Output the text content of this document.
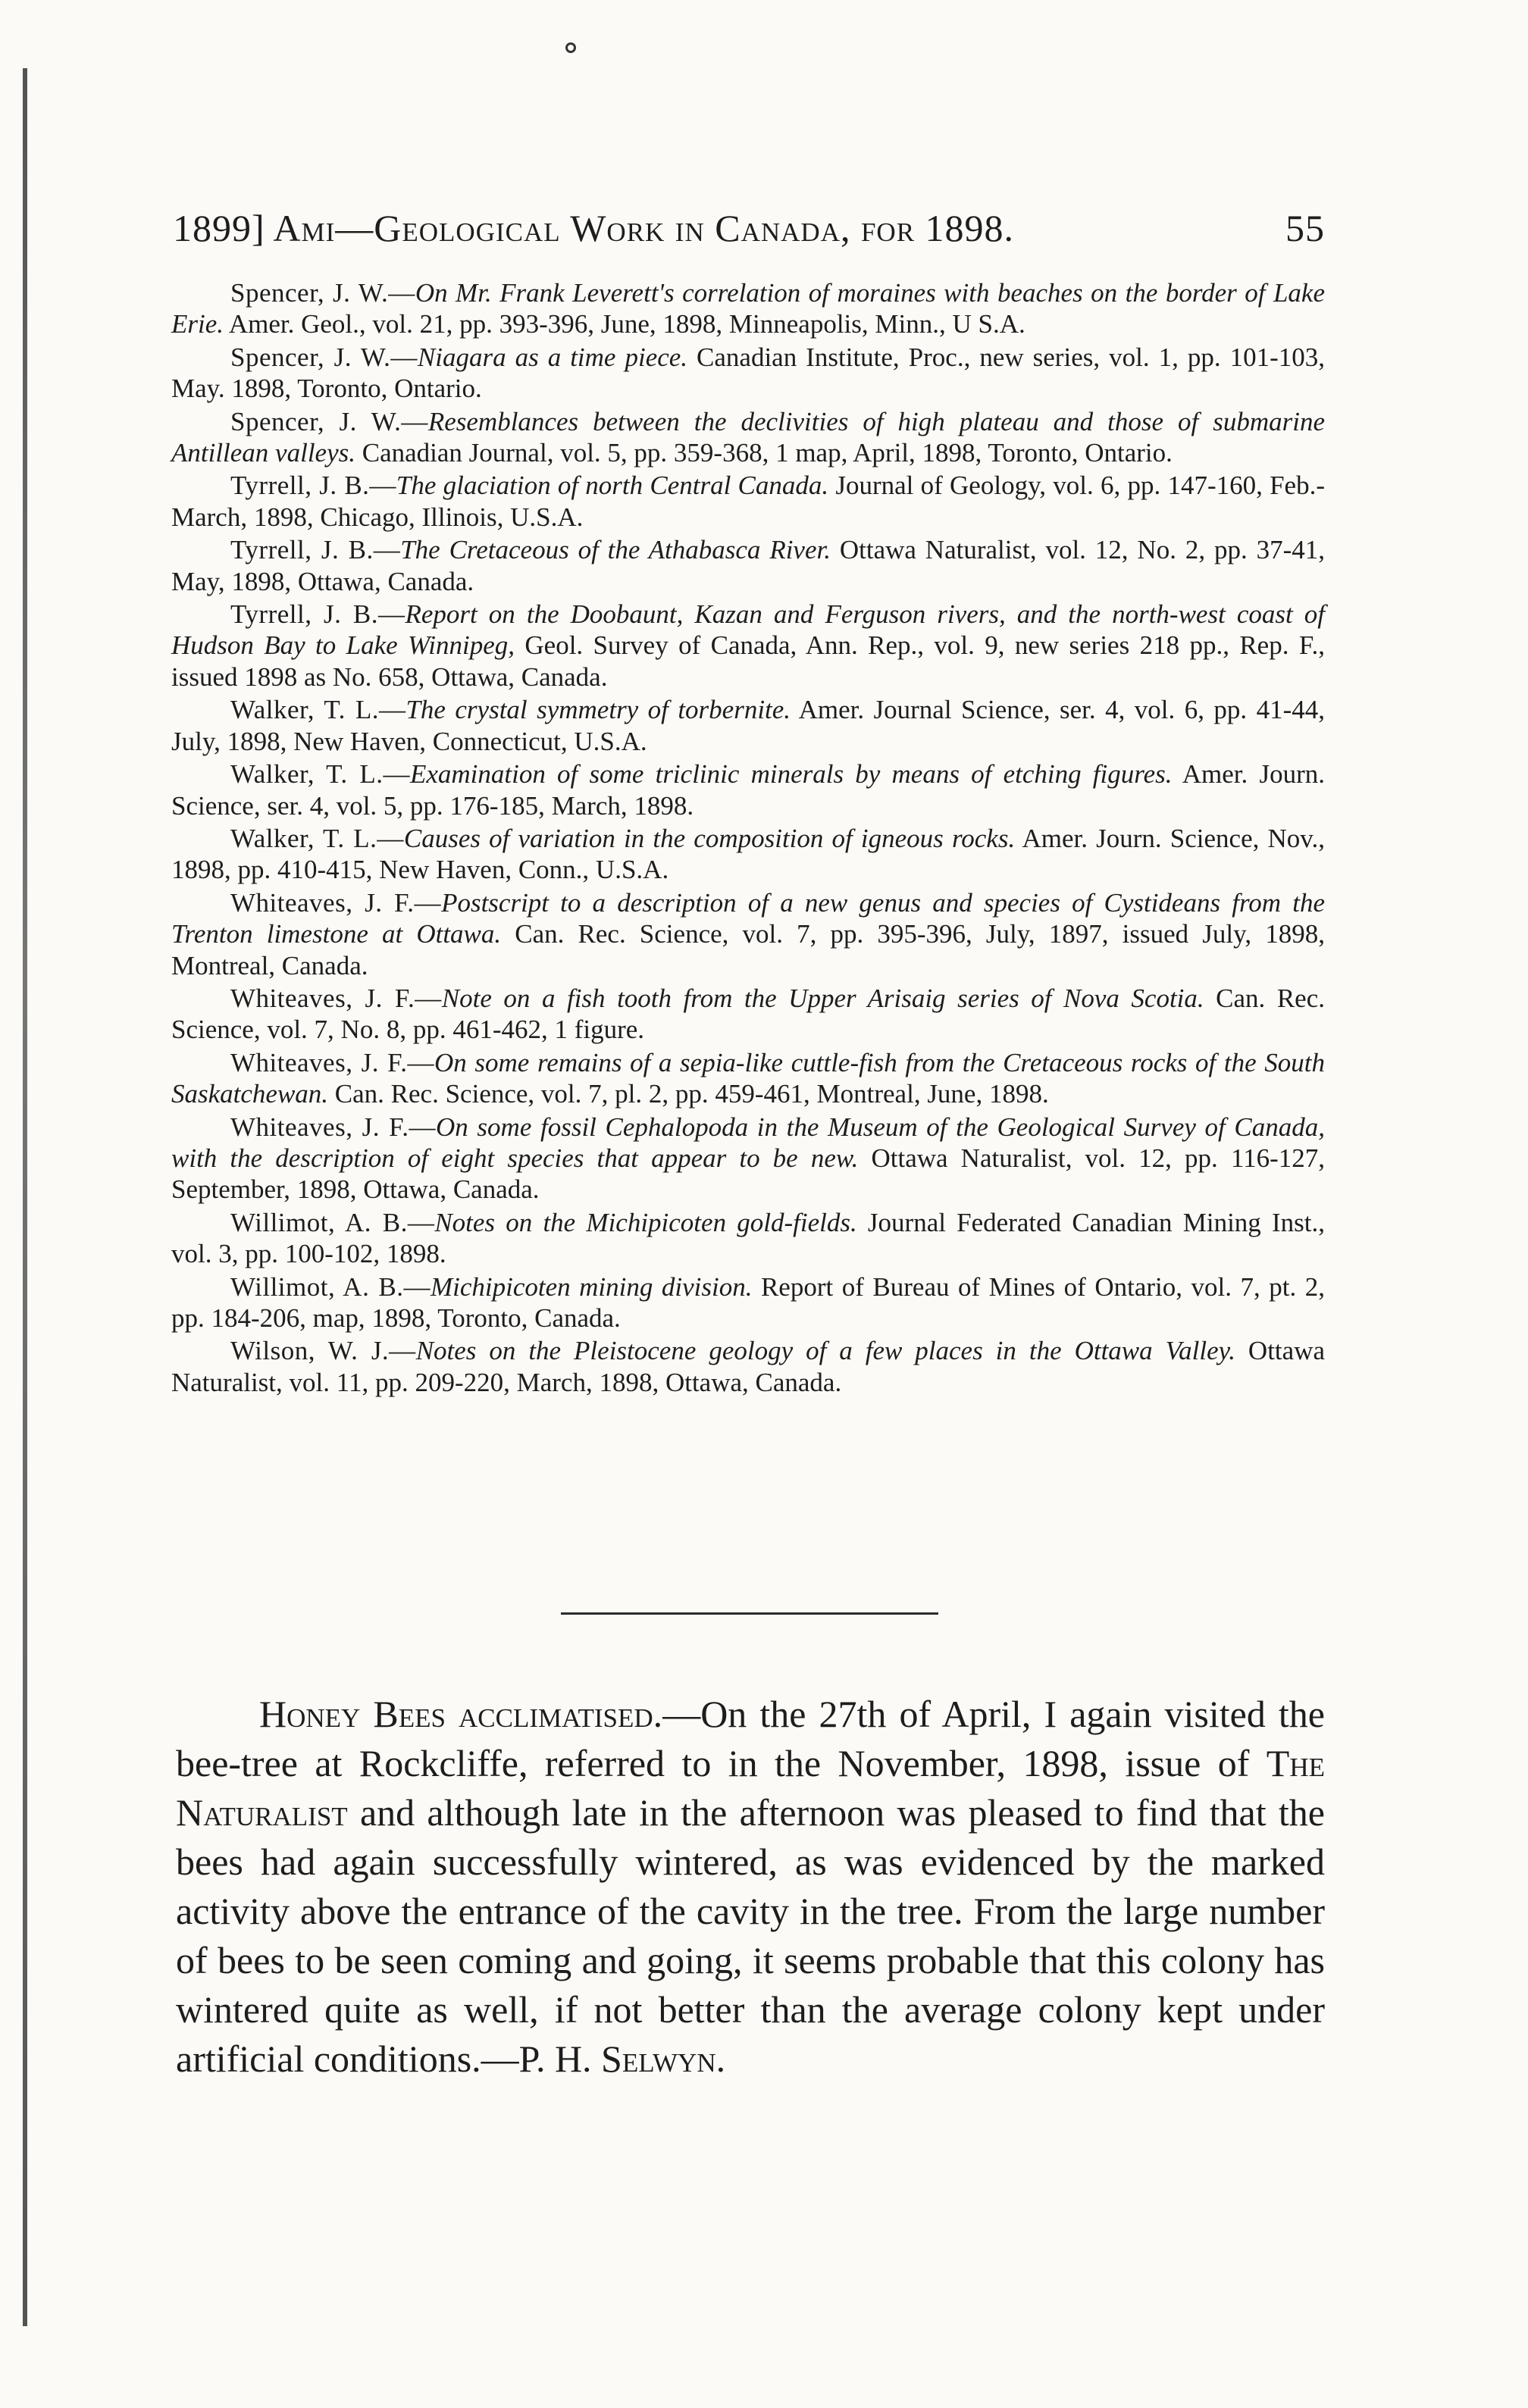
1899] Ami—Geological Work in Canada, for 1898.	55

Spencer, J. W.—On Mr. Frank Leverett's correlation of moraines with beaches on the border of Lake Erie. Amer. Geol., vol. 21, pp. 393-396, June, 1898, Minneapolis, Minn., U S.A.

Spencer, J. W.—Niagara as a time piece. Canadian Institute, Proc., new series, vol. 1, pp. 101-103, May. 1898, Toronto, Ontario.

Spencer, J. W.—Resemblances between the declivities of high plateau and those of submarine Antillean valleys. Canadian Journal, vol. 5, pp. 359-368, 1 map, April, 1898, Toronto, Ontario.

Tyrrell, J. B.—The glaciation of north Central Canada. Journal of Geology, vol. 6, pp. 147-160, Feb.-March, 1898, Chicago, Illinois, U.S.A.

Tyrrell, J. B.—The Cretaceous of the Athabasca River. Ottawa Naturalist, vol. 12, No. 2, pp. 37-41, May, 1898, Ottawa, Canada.

Tyrrell, J. B.—Report on the Doobaunt, Kazan and Ferguson rivers, and the north-west coast of Hudson Bay to Lake Winnipeg, Geol. Survey of Canada, Ann. Rep., vol. 9, new series 218 pp., Rep. F., issued 1898 as No. 658, Ottawa, Canada.

Walker, T. L.—The crystal symmetry of torbernite. Amer. Journal Science, ser. 4, vol. 6, pp. 41-44, July, 1898, New Haven, Connecticut, U.S.A.

Walker, T. L.—Examination of some triclinic minerals by means of etching figures. Amer. Journ. Science, ser. 4, vol. 5, pp. 176-185, March, 1898.

Walker, T. L.—Causes of variation in the composition of igneous rocks. Amer. Journ. Science, Nov., 1898, pp. 410-415, New Haven, Conn., U.S.A.

Whiteaves, J. F.—Postscript to a description of a new genus and species of Cystideans from the Trenton limestone at Ottawa. Can. Rec. Science, vol. 7, pp. 395-396, July, 1897, issued July, 1898, Montreal, Canada.

Whiteaves, J. F.—Note on a fish tooth from the Upper Arisaig series of Nova Scotia. Can. Rec. Science, vol. 7, No. 8, pp. 461-462, 1 figure.

Whiteaves, J. F.—On some remains of a sepia-like cuttle-fish from the Cretaceous rocks of the South Saskatchewan. Can. Rec. Science, vol. 7, pl. 2, pp. 459-461, Montreal, June, 1898.

Whiteaves, J. F.—On some fossil Cephalopoda in the Museum of the Geological Survey of Canada, with the description of eight species that appear to be new. Ottawa Naturalist, vol. 12, pp. 116-127, September, 1898, Ottawa, Canada.

Willimot, A. B.—Notes on the Michipicoten gold-fields. Journal Federated Canadian Mining Inst., vol. 3, pp. 100-102, 1898.

Willimot, A. B.—Michipicoten mining division. Report of Bureau of Mines of Ontario, vol. 7, pt. 2, pp. 184-206, map, 1898, Toronto, Canada.

Wilson, W. J.—Notes on the Pleistocene geology of a few places in the Ottawa Valley. Ottawa Naturalist, vol. 11, pp. 209-220, March, 1898, Ottawa, Canada.

Honey Bees acclimatised.—On the 27th of April, I again visited the bee-tree at Rockcliffe, referred to in the November, 1898, issue of The Naturalist and although late in the afternoon was pleased to find that the bees had again successfully wintered, as was evidenced by the marked activity above the entrance of the cavity in the tree. From the large number of bees to be seen coming and going, it seems probable that this colony has wintered quite as well, if not better than the average colony kept under artificial conditions.—P. H. Selwyn.
